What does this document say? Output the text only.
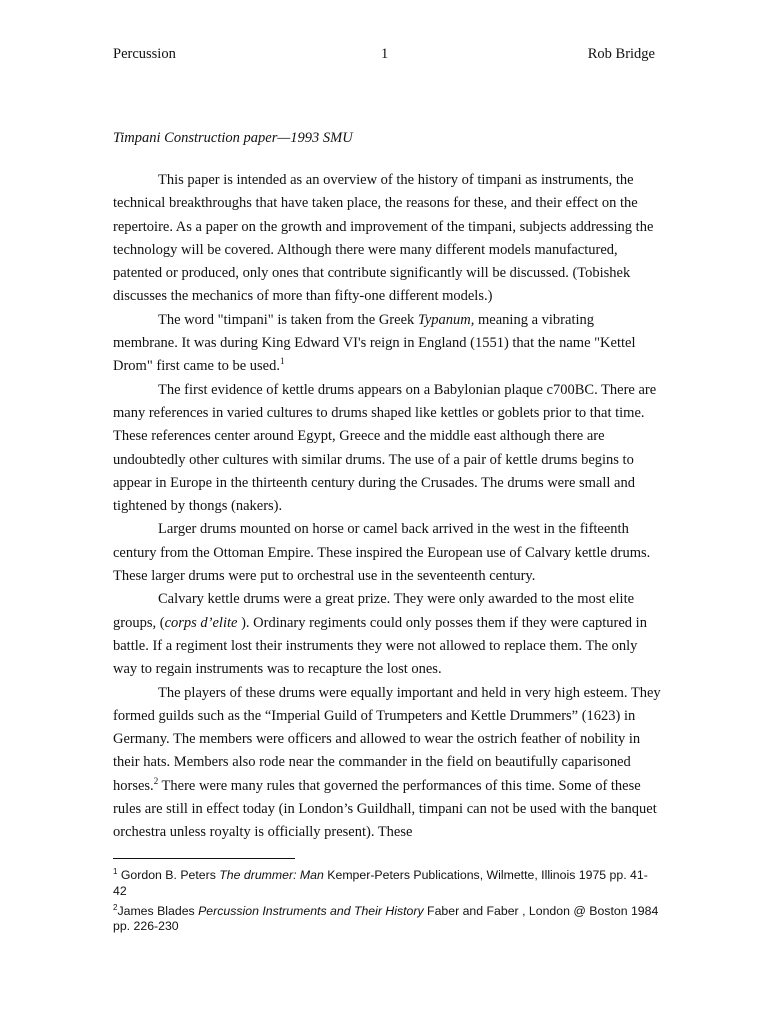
Percussion	1	Rob Bridge
Timpani Construction paper—1993 SMU

This paper is intended as an overview of the history of timpani as instruments, the technical breakthroughs that have taken place, the reasons for these, and their effect on the repertoire. As a paper on the growth and improvement of the timpani, subjects addressing the technology will be covered. Although there were many different models manufactured, patented or produced, only ones that contribute significantly will be discussed. (Tobishek discusses the mechanics of more than fifty-one different models.)

The word "timpani" is taken from the Greek Typanum, meaning a vibrating membrane. It was during King Edward VI's reign in England (1551) that the name "Kettel Drom" first came to be used.$^1$

The first evidence of kettle drums appears on a Babylonian plaque c700BC. There are many references in varied cultures to drums shaped like kettles or goblets prior to that time. These references center around Egypt, Greece and the middle east although there are undoubtedly other cultures with similar drums. The use of a pair of kettle drums begins to appear in Europe in the thirteenth century during the Crusades. The drums were small and tightened by thongs (nakers).

Larger drums mounted on horse or camel back arrived in the west in the fifteenth century from the Ottoman Empire. These inspired the European use of Calvary kettle drums. These larger drums were put to orchestral use in the seventeenth century.

Calvary kettle drums were a great prize. They were only awarded to the most elite groups, (corps d’elite ). Ordinary regiments could only posses them if they were captured in battle. If a regiment lost their instruments they were not allowed to replace them. The only way to regain instruments was to recapture the lost ones.

The players of these drums were equally important and held in very high esteem. They formed guilds such as the “Imperial Guild of Trumpeters and Kettle Drummers” (1623) in Germany. The members were officers and allowed to wear the ostrich feather of nobility in their hats. Members also rode near the commander in the field on beautifully caparisoned horses.$^2$ There were many rules that governed the performances of this time. Some of these rules are still in effect today (in London’s Guildhall, timpani can not be used with the banquet orchestra unless royalty is officially present). These

$^1$ Gordon B. Peters The drummer: Man Kemper-Peters Publications, Wilmette, Illinois 1975 pp. 41-42
$^2$James Blades Percussion Instruments and Their History Faber and Faber , London @ Boston 1984 pp. 226-230
